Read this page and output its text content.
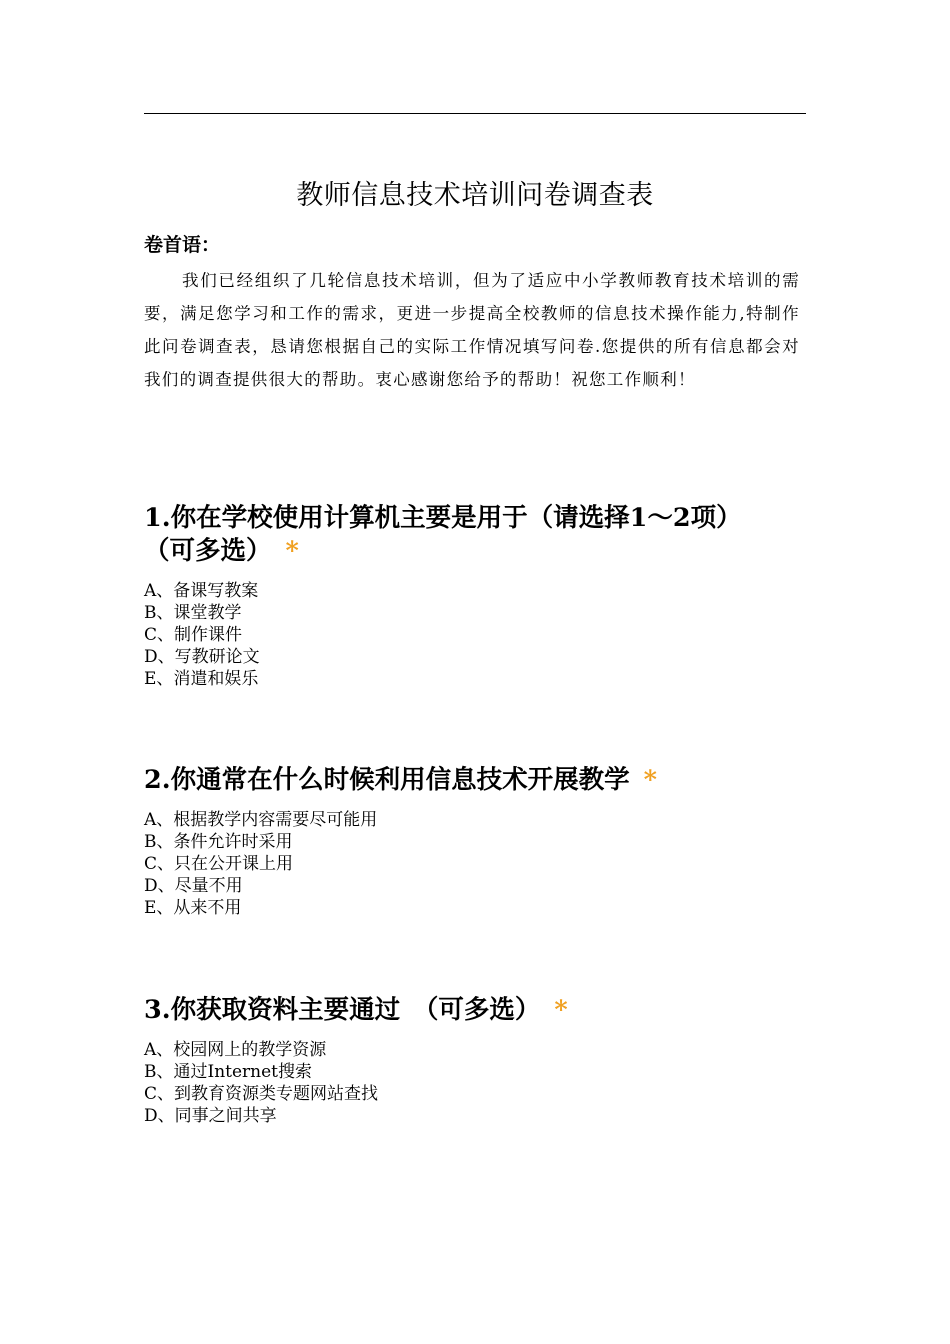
教师信息技术培训问卷调查表
卷首语：

我们已经组织了几轮信息技术培训，但为了适应中小学教师教育技术培训的需要，满足您学习和工作的需求，更进一步提高全校教师的信息技术操作能力,特制作此问卷调查表，恳请您根据自己的实际工作情况填写问卷.您提供的所有信息都会对我们的调查提供很大的帮助。衷心感谢您给予的帮助！祝您工作顺利！

1.你在学校使用计算机主要是用于（请选择1～2项）　（可多选） *
A、备课写教案
B、课堂教学
C、制作课件
D、写教研论文
E、消遣和娱乐
2.你通常在什么时候利用信息技术开展教学 *
A、根据教学内容需要尽可能用
B、条件允许时采用
C、只在公开课上用
D、尽量不用
E、从来不用
3.你获取资料主要通过　（可多选） *
A、校园网上的教学资源
B、通过Internet搜索
C、到教育资源类专题网站查找
D、同事之间共享
